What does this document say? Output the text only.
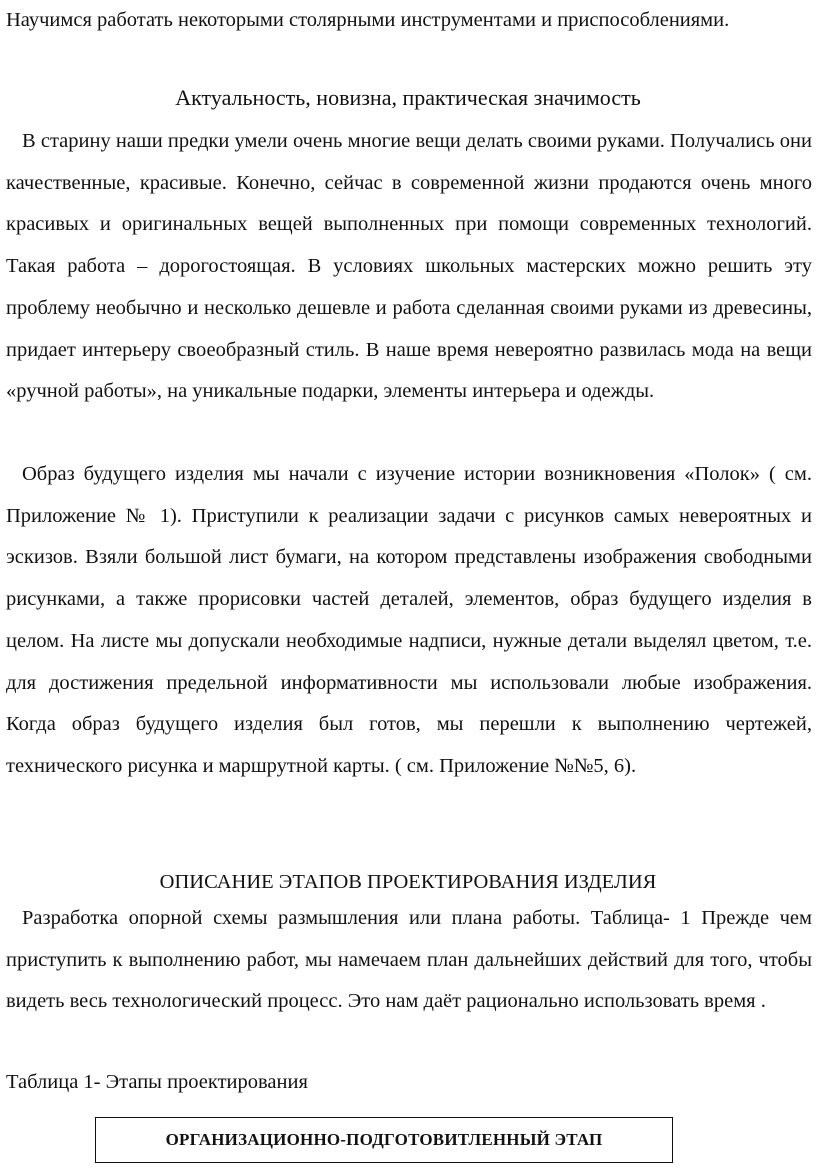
Научимся работать некоторыми столярными инструментами и приспособлениями.

Актуальность, новизна, практическая значимость

В старину наши предки умели очень многие вещи делать своими руками. Получались они качественные, красивые. Конечно, сейчас в современной жизни продаются очень много красивых и оригинальных вещей выполненных при помощи современных технологий. Такая работа – дорогостоящая. В условиях школьных мастерских можно решить эту проблему необычно и несколько дешевле и работа сделанная своими руками из древесины, придает интерьеру своеобразный стиль. В наше время невероятно развилась мода на вещи «ручной работы», на уникальные подарки, элементы интерьера и одежды.

Образ будущего изделия мы начали с изучение истории возникновения «Полок» ( см. Приложение № 1). Приступили к реализации задачи с рисунков самых невероятных и эскизов. Взяли большой лист бумаги, на котором представлены изображения свободными рисунками, а также прорисовки частей деталей, элементов, образ будущего изделия в целом. На листе мы допускали необходимые надписи, нужные детали выделял цветом, т.е. для достижения предельной информативности мы использовали любые изображения. Когда образ будущего изделия был готов, мы перешли к выполнению чертежей, технического рисунка и маршрутной карты. ( см. Приложение №№5, 6).

ОПИСАНИЕ ЭТАПОВ ПРОЕКТИРОВАНИЯ ИЗДЕЛИЯ

Разработка опорной схемы размышления или плана работы. Таблица- 1 Прежде чем приступить к выполнению работ, мы намечаем план дальнейших действий для того, чтобы видеть весь технологический процесс. Это нам даёт рационально использовать время .

Таблица 1- Этапы проектирования

ОРГАНИЗАЦИОННО-ПОДГОТОВИТЛЕННЫЙ ЭТАП
